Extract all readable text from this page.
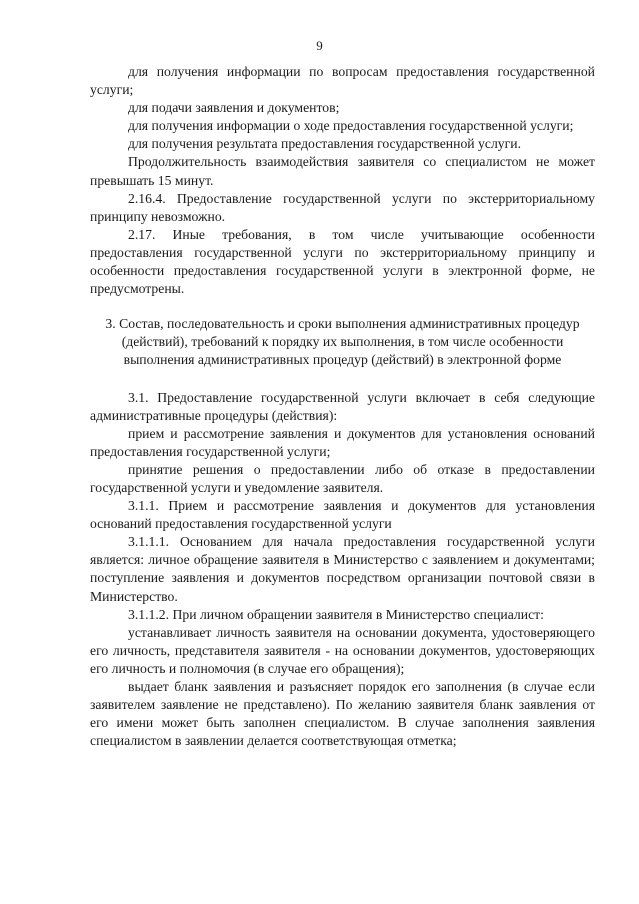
9

для получения информации по вопросам предоставления государственной услуги;

для подачи заявления и документов;

для получения информации о ходе предоставления государственной услуги;

для получения результата предоставления государственной услуги.

Продолжительность взаимодействия заявителя со специалистом не может превышать 15 минут.

2.16.4. Предоставление государственной услуги по экстерриториальному принципу невозможно.

2.17. Иные требования, в том числе учитывающие особенности предоставления государственной услуги по экстерриториальному принципу и особенности предоставления государственной услуги в электронной форме, не предусмотрены.

3. Состав, последовательность и сроки выполнения административных процедур (действий), требований к порядку их выполнения, в том числе особенности выполнения административных процедур (действий) в электронной форме

3.1. Предоставление государственной услуги включает в себя следующие административные процедуры (действия):

прием и рассмотрение заявления и документов для установления оснований предоставления государственной услуги;

принятие решения о предоставлении либо об отказе в предоставлении государственной услуги и уведомление заявителя.

3.1.1. Прием и рассмотрение заявления и документов для установления оснований предоставления государственной услуги

3.1.1.1. Основанием для начала предоставления государственной услуги является: личное обращение заявителя в Министерство с заявлением и документами; поступление заявления и документов посредством организации почтовой связи в Министерство.

3.1.1.2. При личном обращении заявителя в Министерство специалист:

устанавливает личность заявителя на основании документа, удостоверяющего его личность, представителя заявителя - на основании документов, удостоверяющих его личность и полномочия (в случае его обращения);

выдает бланк заявления и разъясняет порядок его заполнения (в случае если заявителем заявление не представлено). По желанию заявителя бланк заявления от его имени может быть заполнен специалистом. В случае заполнения заявления специалистом в заявлении делается соответствующая отметка;
